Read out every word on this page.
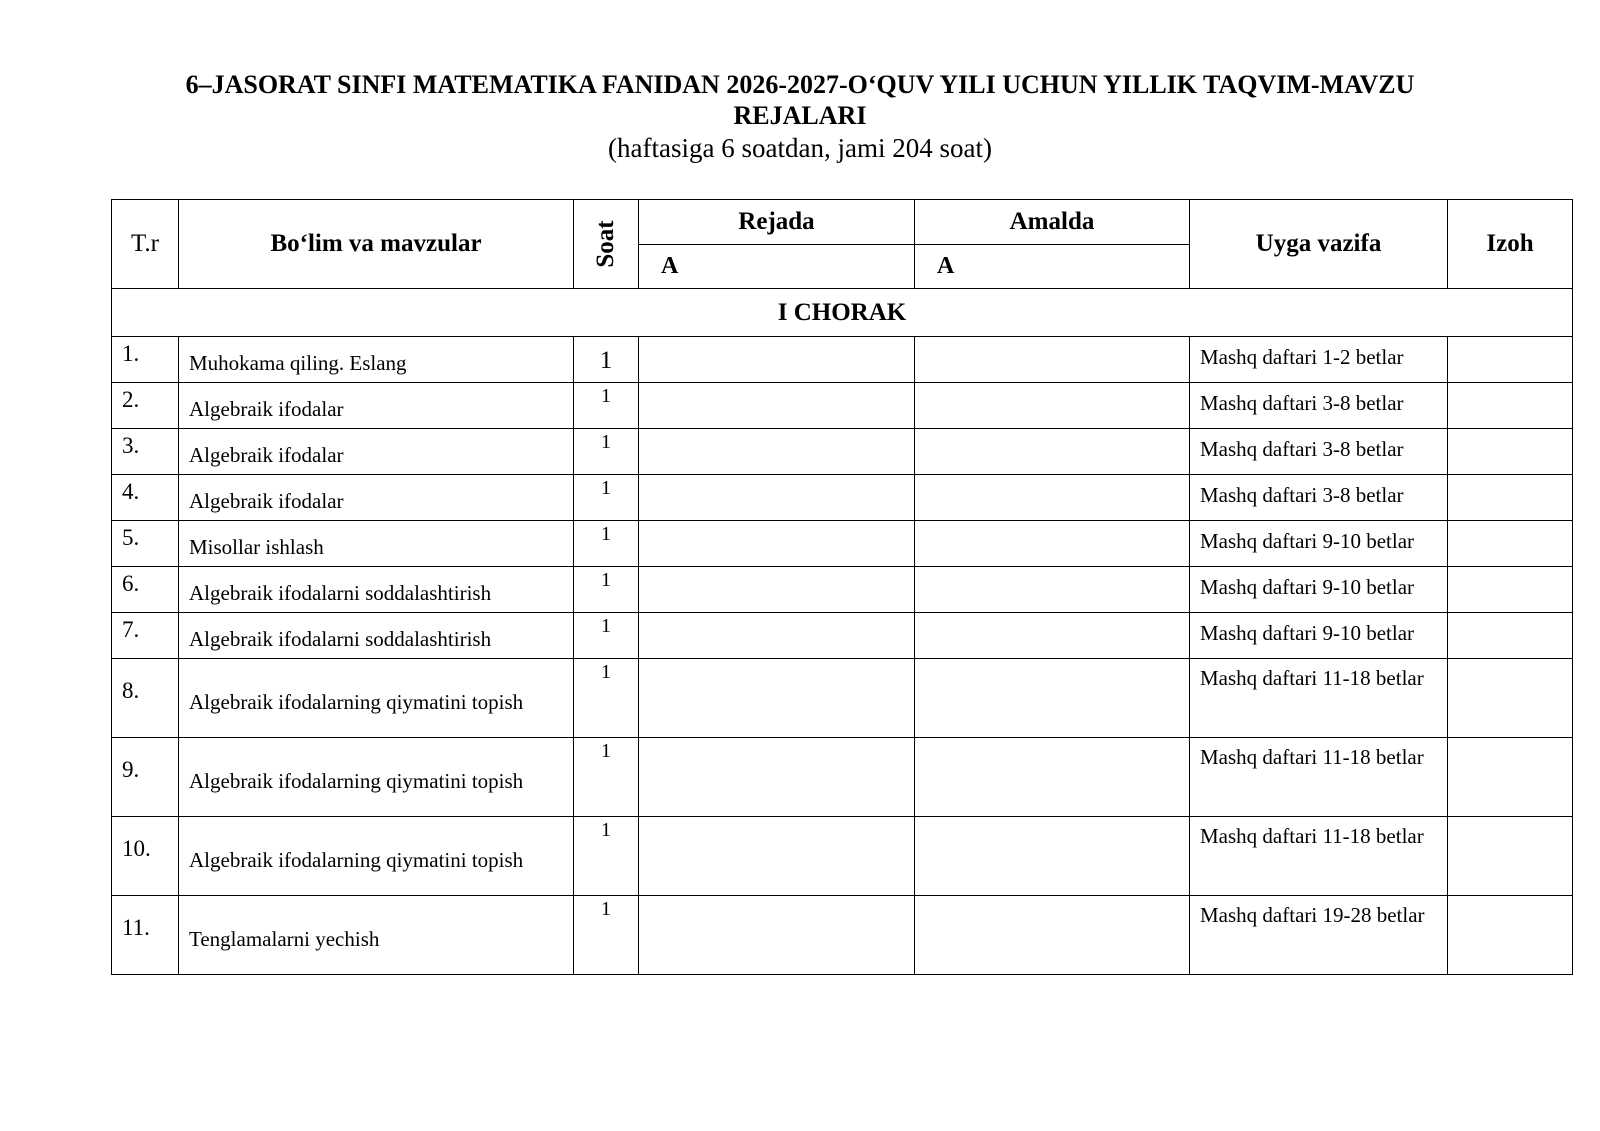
6–JASORAT SINFI MATEMATIKA FANIDAN 2026-2027-O‘QUV YILI UCHUN YILLIK TAQVIM-MAVZU
REJALARI
(haftasiga 6 soatdan, jami 204 soat)
T.r	Bo‘lim va mavzular	Soat	Rejada	Amalda	Uyga vazifa	Izoh
			A	A		
I CHORAK						
1.	Muhokama qiling. Eslang	1			Mashq daftari 1-2 betlar	
2.	Algebraik ifodalar	1			Mashq daftari 3-8 betlar	
3.	Algebraik ifodalar	1			Mashq daftari 3-8 betlar	
4.	Algebraik ifodalar	1			Mashq daftari 3-8 betlar	
5.	Misollar ishlash	1			Mashq daftari 9-10 betlar	
6.	Algebraik ifodalarni soddalashtirish	1			Mashq daftari 9-10 betlar	
7.	Algebraik ifodalarni soddalashtirish	1			Mashq daftari 9-10 betlar	
8.	Algebraik ifodalarning qiymatini topish	1			Mashq daftari 11-18 betlar	
9.	Algebraik ifodalarning qiymatini topish	1			Mashq daftari 11-18 betlar	
10.	Algebraik ifodalarning qiymatini topish	1			Mashq daftari 11-18 betlar	
11.	Tenglamalarni yechish	1			Mashq daftari 19-28 betlar	
